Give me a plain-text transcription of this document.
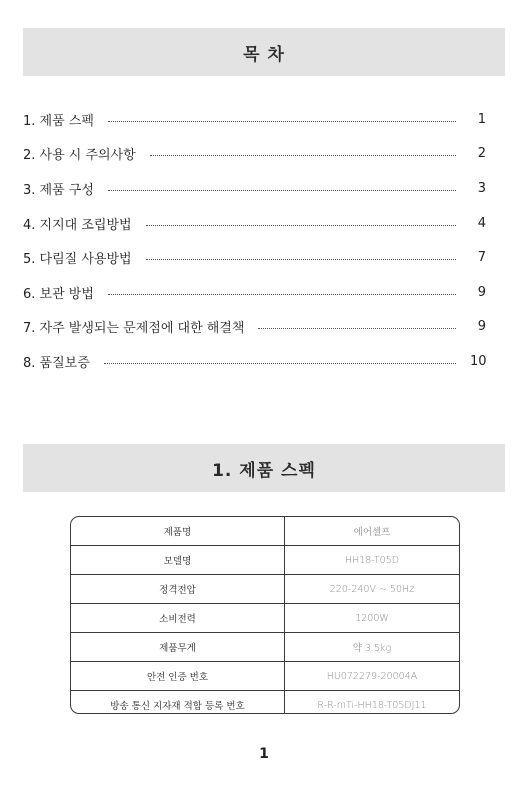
목 차
1. 제품 스펙	1
2. 사용 시 주의사항	2
3. 제품 구성	3
4. 지지대 조립방법	4
5. 다림질 사용방법	7
6. 보관 방법	9
7. 자주 발생되는 문제점에 대한 해결책	9
8. 품질보증	10
1. 제품 스펙
제품명	에어셀프
모델명	HH18-T05D
정격전압	220-240V ~ 50Hz
소비전력	1200W
제품무게	약 3.5kg
안전 인증 번호	HU072279-20004A
방송 통신 지자재 적합 등록 번호	R-R-mTi-HH18-T05DJ11
1
